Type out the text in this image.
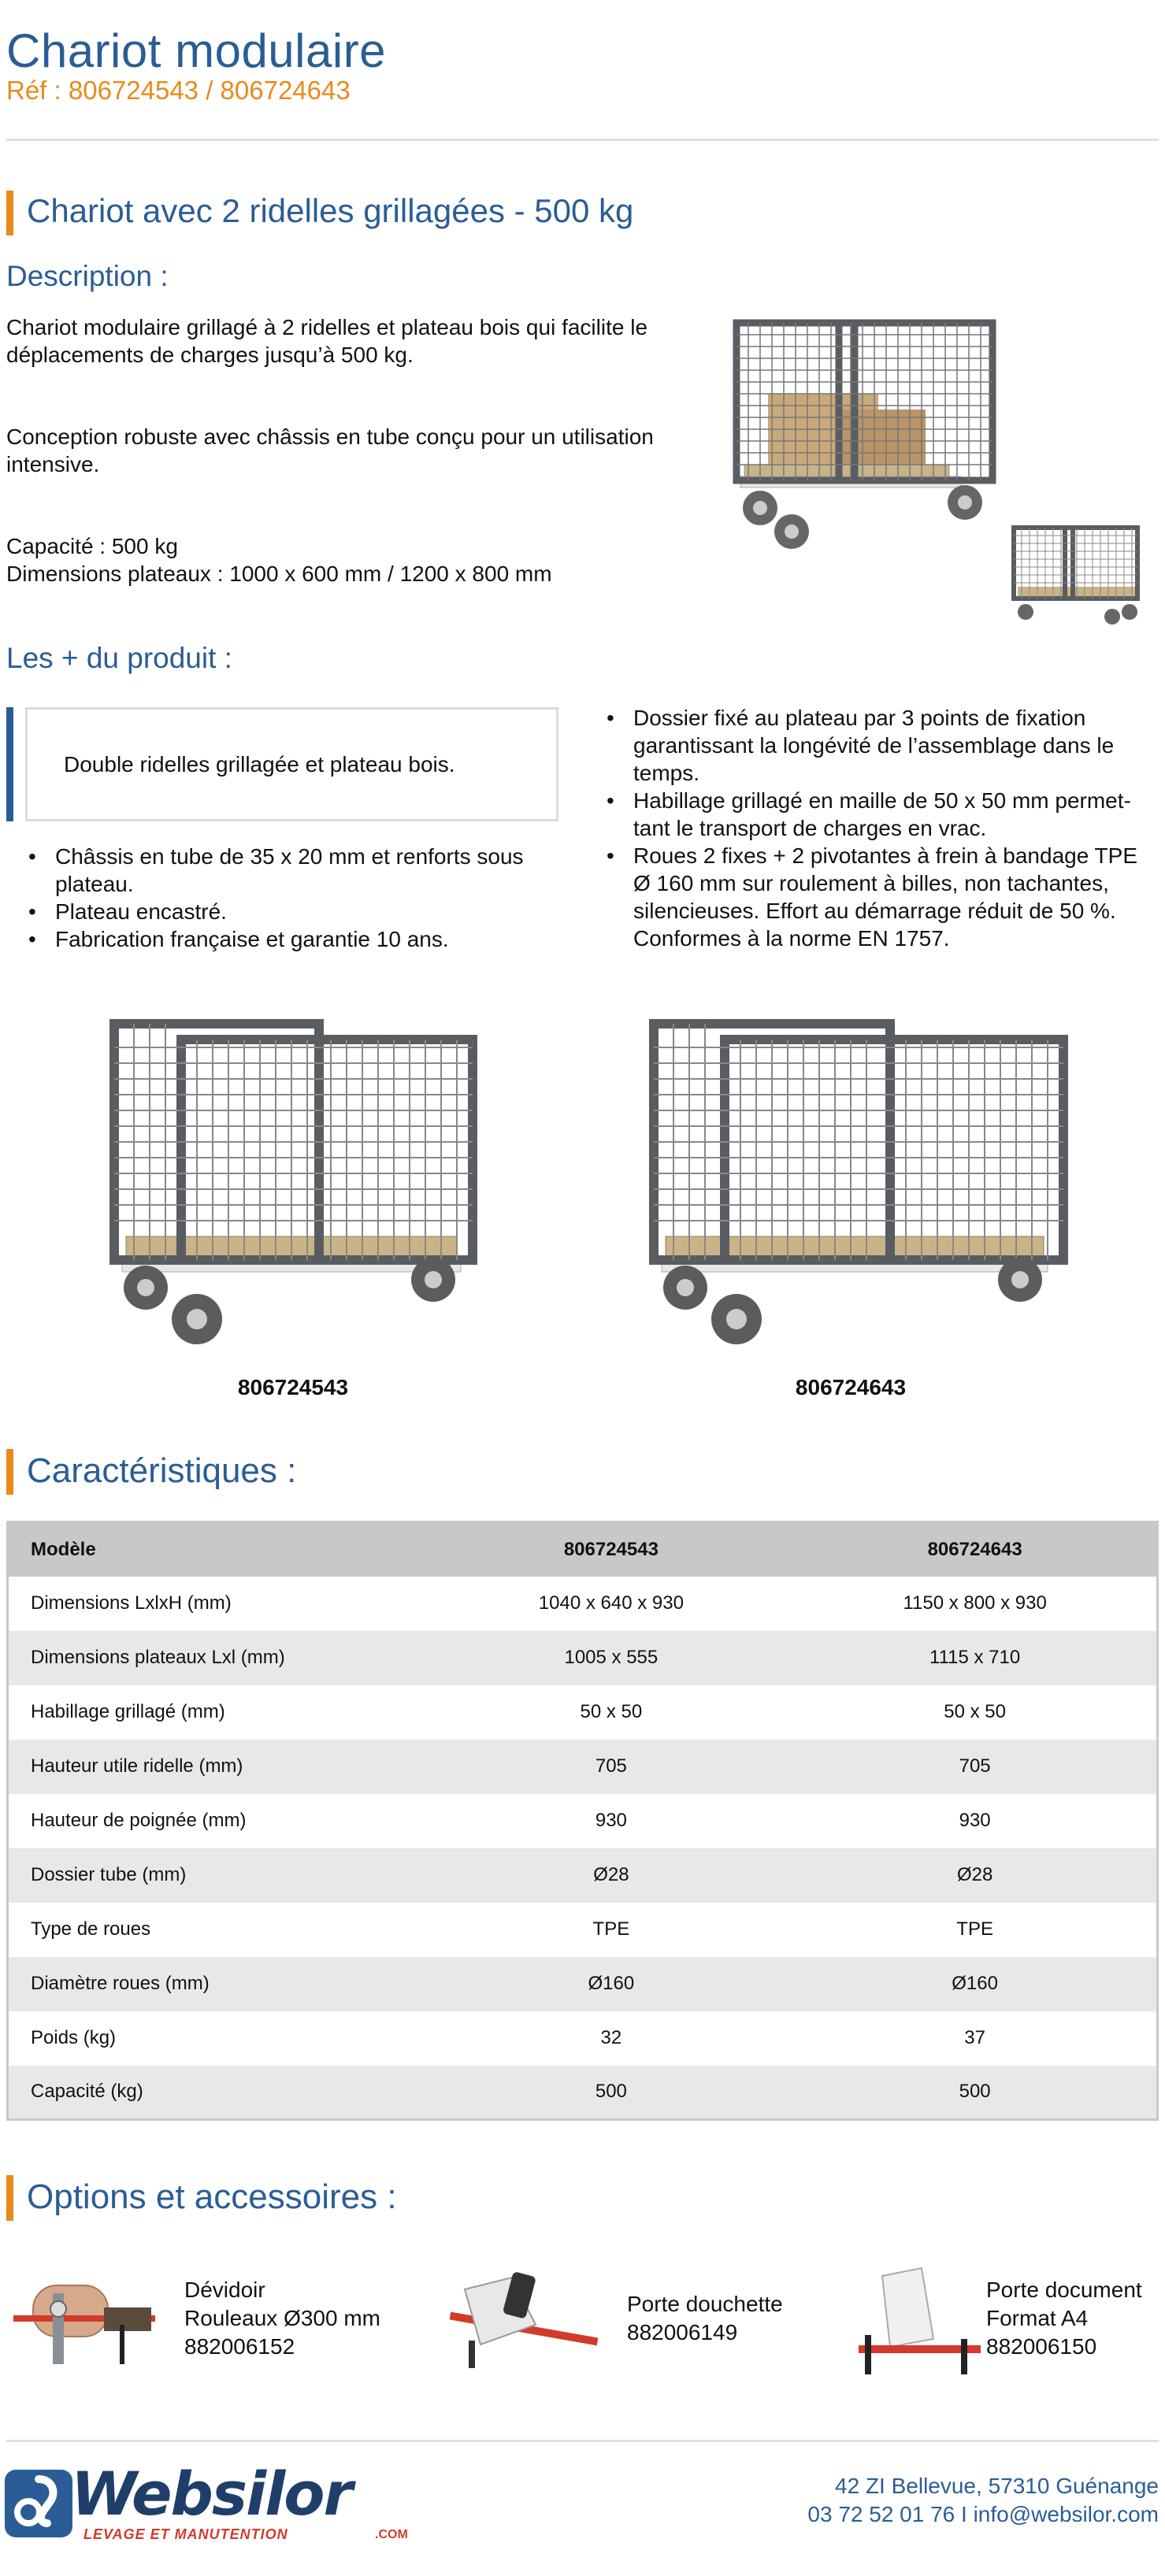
Chariot modulaire
Réf : 806724543 / 806724643
Chariot avec 2 ridelles grillagées - 500 kg
Description :
Chariot modulaire grillagé à 2 ridelles et plateau bois qui facilite le déplacements de charges jusqu’à 500 kg.
Conception robuste avec châssis en tube conçu pour un utilisation intensive.
Capacité : 500 kg
Dimensions plateaux : 1000 x 600 mm / 1200 x 800 mm
Les + du produit :
Double ridelles grillagée et plateau bois.
• Châssis en tube de 35 x 20 mm et renforts sous plateau.
• Plateau encastré.
• Fabrication française et garantie 10 ans.
• Dossier fixé au plateau par 3 points de fixation garantissant la longévité de l’assemblage dans le temps.
• Habillage grillagé en maille de 50 x 50 mm permet-tant le transport de charges en vrac.
• Roues 2 fixes + 2 pivotantes à frein à bandage TPE Ø 160 mm sur roulement à billes, non tachantes, silencieuses. Effort au démarrage réduit de 50 %. Conformes à la norme EN 1757.
806724543	806724643
Caractéristiques :
Modèle	806724543	806724643
Dimensions LxlxH (mm)	1040 x 640 x 930	1150 x 800 x 930
Dimensions plateaux Lxl (mm)	1005 x 555	1115 x 710
Habillage grillagé (mm)	50 x 50	50 x 50
Hauteur utile ridelle (mm)	705	705
Hauteur de poignée (mm)	930	930
Dossier tube (mm)	Ø28	Ø28
Type de roues	TPE	TPE
Diamètre roues (mm)	Ø160	Ø160
Poids (kg)	32	37
Capacité (kg)	500	500
Options et accessoires :
Dévidoir
Rouleaux Ø300 mm
882006152
Porte douchette
882006149
Porte document
Format A4
882006150
Websilor
LEVAGE ET MANUTENTION	.COM
42 ZI Bellevue, 57310 Guénange
03 72 52 01 76 I info@websilor.com
